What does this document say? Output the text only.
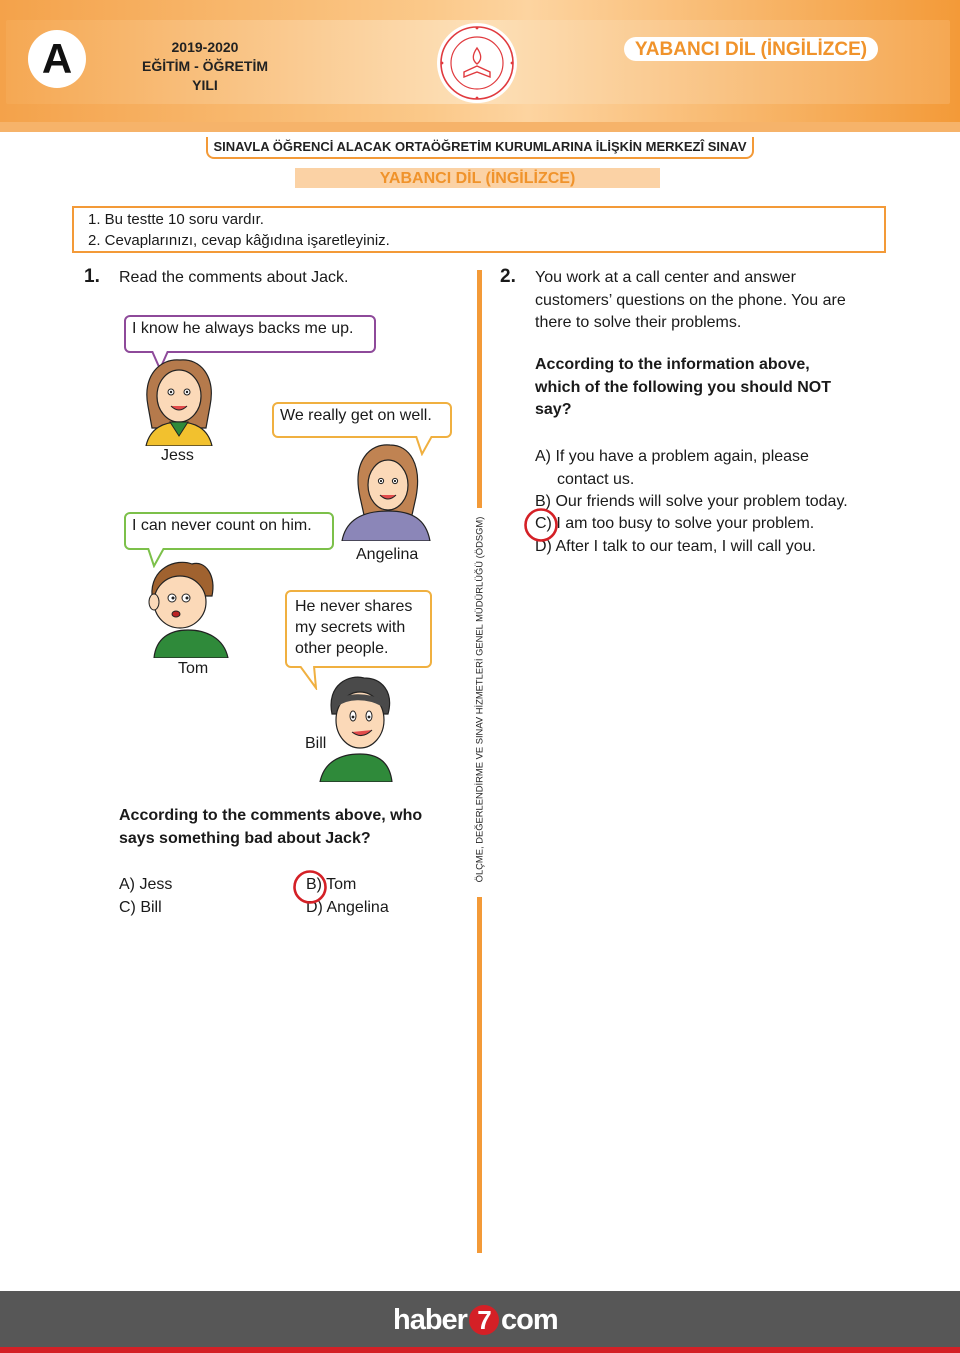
A	2019-2020
EĞİTİM - ÖĞRETİM YILI
YABANCI DİL (İNGİLİZCE)
SINAVLA ÖĞRENCİ ALACAK ORTAÖĞRETİM KURUMLARINA İLİŞKİN MERKEZÎ SINAV
YABANCI DİL (İNGİLİZCE)
1. Bu testte 10 soru vardır.
2. Cevaplarınızı, cevap kâğıdına işaretleyiniz.
ÖLÇME, DEĞERLENDİRME VE SINAV HİZMETLERİ GENEL MÜDÜRLÜĞÜ (ÖDSGM)
1. Read the comments about Jack.
I know he always backs me up.
Jess
We really get on well.
Angelina
I can never count on him.
Tom
He never shares
my secrets with
other people.
Bill
According to the comments above, who
says something bad about Jack?
A) Jess	B) Tom
C) Bill	D) Angelina
2. You work at a call center and answer
customers’ questions on the phone. You are
there to solve their problems.
According to the information above,
which of the following you should NOT
say?
A) If you have a problem again, please
contact us.
B) Our friends will solve your problem today.
C) I am too busy to solve your problem.
D) After I talk to our team, I will call you.
haber 7 com
